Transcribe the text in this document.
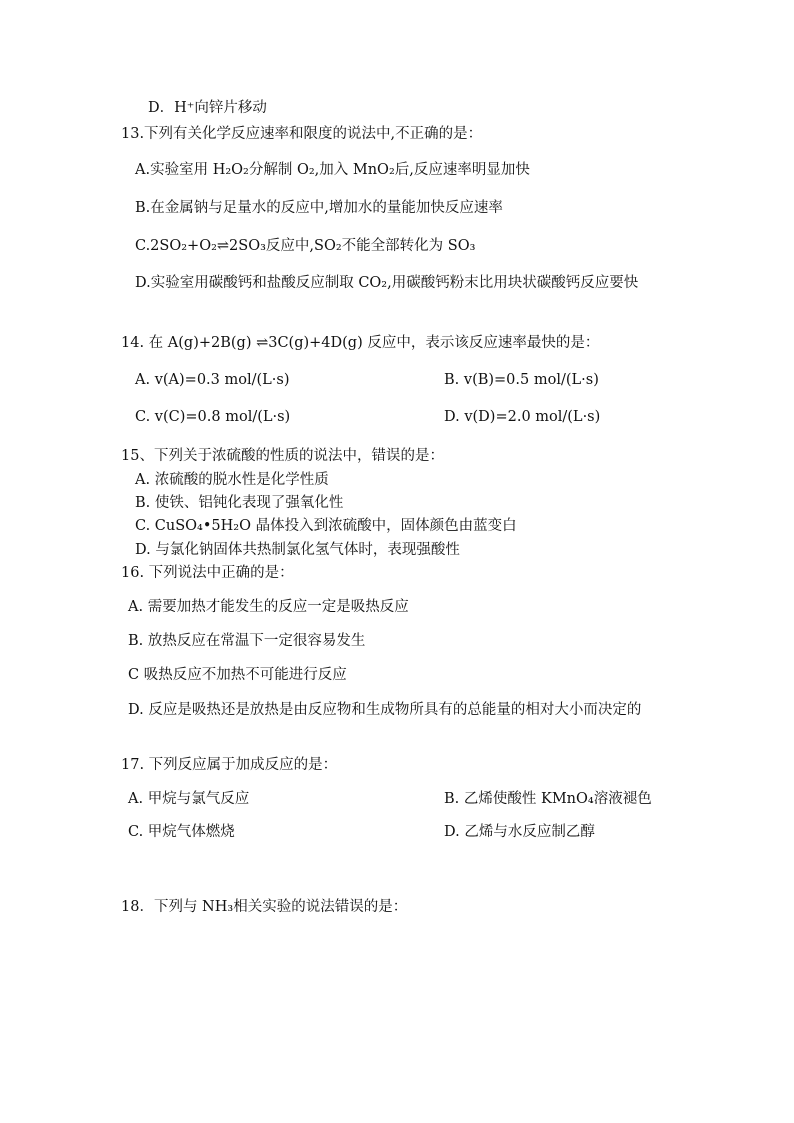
D．H⁺向锌片移动
13.下列有关化学反应速率和限度的说法中,不正确的是：
A.实验室用 H₂O₂分解制 O₂,加入 MnO₂后,反应速率明显加快
B.在金属钠与足量水的反应中,增加水的量能加快反应速率
C.2SO₂+O₂⇌2SO₃反应中,SO₂不能全部转化为 SO₃
D.实验室用碳酸钙和盐酸反应制取 CO₂,用碳酸钙粉末比用块状碳酸钙反应要快
14. 在 A(g)+2B(g) ⇌3C(g)+4D(g) 反应中，表示该反应速率最快的是：
A. v(A)=0.3 mol/(L·s)	B. v(B)=0.5 mol/(L·s)
C. v(C)=0.8 mol/(L·s)	D. v(D)=2.0 mol/(L·s)
15、下列关于浓硫酸的性质的说法中，错误的是：
A. 浓硫酸的脱水性是化学性质
B. 使铁、铝钝化表现了强氧化性
C. CuSO₄•5H₂O 晶体投入到浓硫酸中，固体颜色由蓝变白
D. 与氯化钠固体共热制氯化氢气体时，表现强酸性
16. 下列说法中正确的是：
A. 需要加热才能发生的反应一定是吸热反应
B. 放热反应在常温下一定很容易发生
C 吸热反应不加热不可能进行反应
D. 反应是吸热还是放热是由反应物和生成物所具有的总能量的相对大小而决定的
17. 下列反应属于加成反应的是：
A. 甲烷与氯气反应	B. 乙烯使酸性 KMnO₄溶液褪色
C. 甲烷气体燃烧	D. 乙烯与水反应制乙醇
18．下列与 NH₃相关实验的说法错误的是：
